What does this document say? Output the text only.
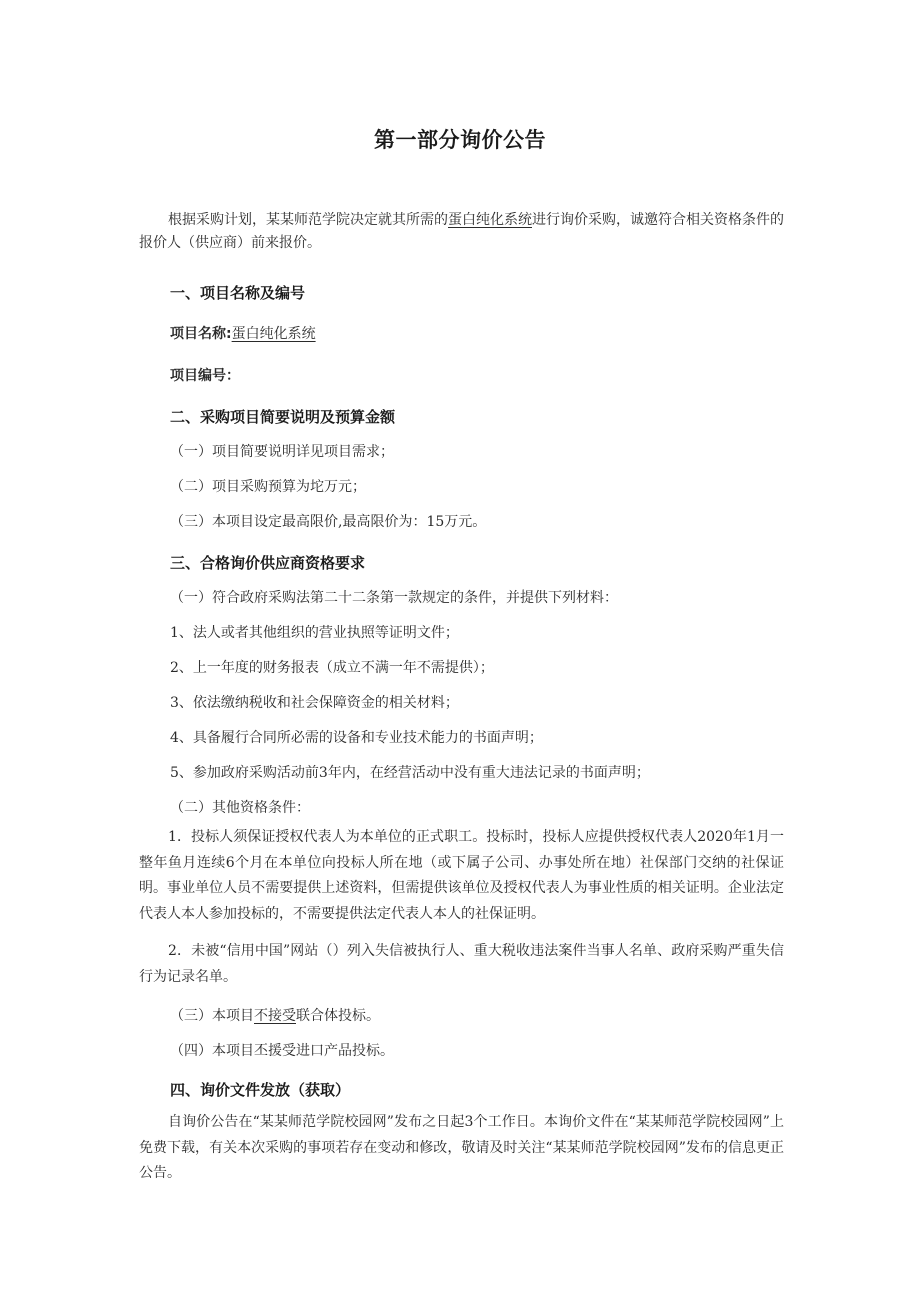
第一部分询价公告
根据采购计划，某某师范学院决定就其所需的蛋白纯化系统进行询价采购，诚邀符合相关资格条件的报价人（供应商）前来报价。
一、项目名称及编号
项目名称:蛋白纯化系统
项目编号：
二、采购项目简要说明及预算金额
（一）项目简要说明详见项目需求；
（二）项目采购预算为坨万元；
（三）本项目设定最高限价,最高限价为：15万元。
三、合格询价供应商资格要求
（一）符合政府采购法第二十二条第一款规定的条件，并提供下列材料：
1、法人或者其他组织的营业执照等证明文件；
2、上一年度的财务报表（成立不满一年不需提供）；
3、依法缴纳税收和社会保障资金的相关材料；
4、具备履行合同所必需的设备和专业技术能力的书面声明；
5、参加政府采购活动前3年内，在经营活动中没有重大违法记录的书面声明；
（二）其他资格条件：
1．投标人须保证授权代表人为本单位的正式职工。投标时，投标人应提供授权代表人2020年1月一整年鱼月连续6个月在本单位向投标人所在地（或下属子公司、办事处所在地）社保部门交纳的社保证明。事业单位人员不需要提供上述资料，但需提供该单位及授权代表人为事业性质的相关证明。企业法定代表人本人参加投标的，不需要提供法定代表人本人的社保证明。
2．未被“信用中国”网站（）列入失信被执行人、重大税收违法案件当事人名单、政府采购严重失信行为记录名单。
（三）本项目不接受联合体投标。
（四）本项目丕援受进口产品投标。
四、询价文件发放（获取）
自询价公告在“某某师范学院校园网”发布之日起3个工作日。本询价文件在“某某师范学院校园网”上免费下载，有关本次采购的事项若存在变动和修改，敬请及时关注“某某师范学院校园网”发布的信息更正公告。
